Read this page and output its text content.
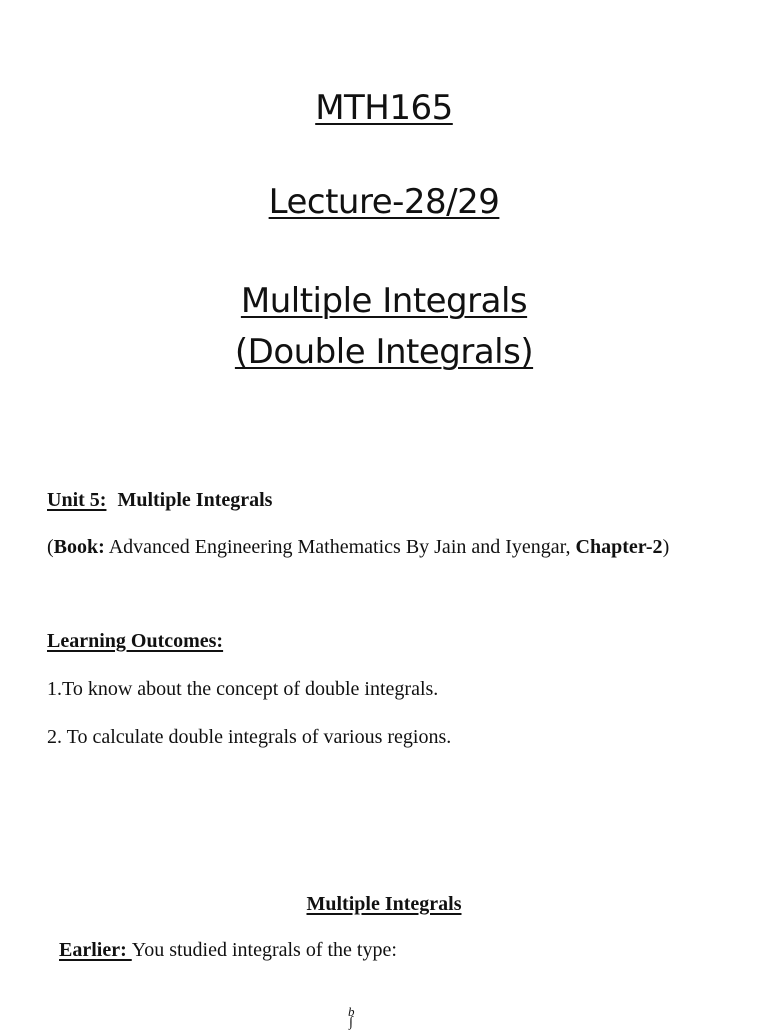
MTH165
Lecture-28/29
Multiple Integrals
(Double Integrals)
Unit 5: Multiple Integrals
(Book: Advanced Engineering Mathematics By Jain and Iyengar, Chapter-2)
Learning Outcomes:
1.To know about the concept of double integrals.
2. To calculate double integrals of various regions.
Multiple Integrals
Earlier: You studied integrals of the type:
b
∫
